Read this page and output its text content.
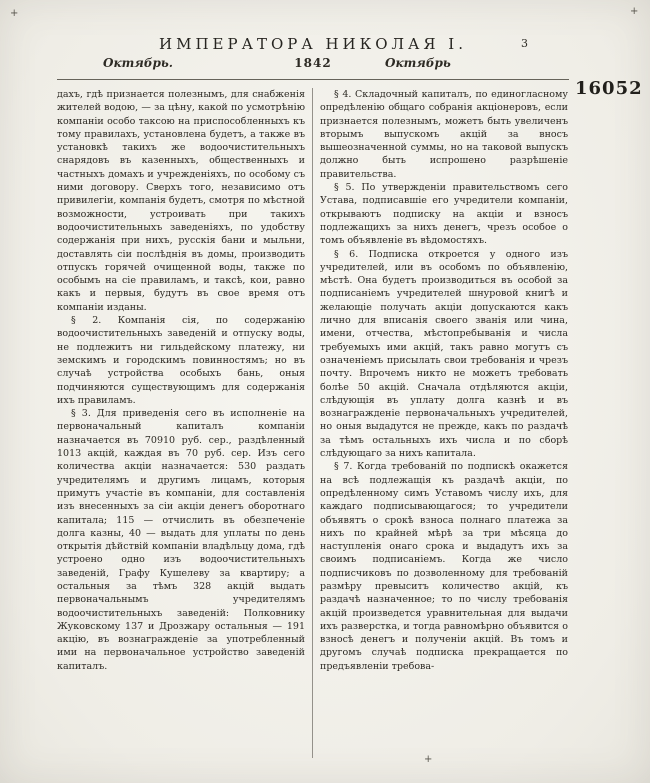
+	+
+
ИМПЕРАТОРА НИКОЛАЯ I.	3
Октябрь.	1842	Октябрь
16052

дахъ, гдѣ признается полезнымъ, для снабженія жителей водою, — за цѣну, какой по усмотрѣнію компаніи особо таксою на приспособленныхъ къ тому правилахъ, установлена будетъ, а также въ установкѣ такихъ же водоочистительныхъ снарядовъ въ казенныхъ, общественныхъ и частныхъ домахъ и учрежденіяхъ, по особому съ ними договору. Сверхъ того, независимо отъ привилегіи, компанія будетъ, смотря по мѣстной возможности, устроивать при такихъ водоочистительныхъ заведеніяхъ, по удобству содержанія при нихъ, русскія бани и мыльни, доставлять сіи послѣднія въ домы, производить отпускъ горячей очищенной воды, также по особымъ на сіе правиламъ, и таксѣ, кои, равно какъ и первыя, будутъ въ свое время отъ компаніи изданы.

§ 2. Компанія сія, по содержанію водоочистительныхъ заведеній и отпуску воды, не подлежитъ ни гильдейскому платежу, ни земскимъ и городскимъ повинностямъ; но въ случаѣ устройства особыхъ бань, оныя подчиняются существующимъ для содержанія ихъ правиламъ.

§ 3. Для приведенія сего въ исполненіе на первоначальный капиталъ компаніи назначается въ 70910 руб. сер., раздѣленный 1013 акцій, каждая въ 70 руб. сер. Изъ сего количества акціи назначается: 530 раздать учредителямъ и другимъ лицамъ, которыя примутъ участіе въ компаніи, для составленія изъ внесенныхъ за сіи акціи денегъ оборотнаго капитала; 115 — отчислить въ обезпеченіе долга казны, 40 — выдать для уплаты по день открытія дѣйствій компаніи владѣльцу дома, гдѣ устроено одно изъ водоочистительныхъ заведеній, Графу Кушелеву за квартиру; а остальныя за тѣмъ 328 акцій выдать первоначальнымъ учредителямъ водоочистительныхъ заведеній: Полковнику Жуковскому 137 и Дрозжару остальныя — 191 акцію, въ вознагражденіе за употребленный ими на первоначальное устройство заведеній капиталъ.

§ 4. Складочный капиталъ, по единогласному опредѣленію общаго собранія акціонеровъ, если признается полезнымъ, можетъ быть увеличенъ вторымъ выпускомъ акцій за вносъ вышеозначенной суммы, но на таковой выпускъ должно быть испрошено разрѣшеніе правительства.

§ 5. По утвержденіи правительствомъ сего Устава, подписавшіе его учредители компаніи, открываютъ подписку на акціи и взносъ подлежащихъ за нихъ денегъ, чрезъ особое о томъ объявленіе въ вѣдомостяхъ.

§ 6. Подписка откроется у одного изъ учредителей, или въ особомъ по объявленію, мѣстѣ. Она будетъ производиться въ особой за подписаніемъ учредителей шнуровой книгѣ и желающіе получать акціи допускаются какъ лично для вписанія своего званія или чина, имени, отчества, мѣстопребыванія и числа требуемыхъ ими акцій, такъ равно могутъ съ означеніемъ присылать свои требованія и чрезъ почту. Впрочемъ никто не можетъ требовать болѣе 50 акцій. Сначала отдѣляются акціи, слѣдующія въ уплату долга казнѣ и въ вознагражденіе первоначальныхъ учредителей, но оныя выдадутся не прежде, какъ по раздачѣ за тѣмъ остальныхъ ихъ числа и по сборѣ слѣдующаго за нихъ капитала.

§ 7. Когда требованій по подпискѣ окажется на всѣ подлежащія къ раздачѣ акціи, по опредѣленному симъ Уставомъ числу ихъ, для каждаго подписывающагося; то учредители объявятъ о срокѣ взноса полнаго платежа за нихъ по крайней мѣрѣ за три мѣсяца до наступленія онаго срока и выдадутъ ихъ за своимъ подписаніемъ. Когда же число подписчиковъ по дозволенному для требованій размѣру превыситъ количество акцій, къ раздачѣ назначенное; то по числу требованія акцій произведется уравнительная для выдачи ихъ разверстка, и тогда равномѣрно объявится о взносѣ денегъ и полученіи акцій. Въ томъ и другомъ случаѣ подписка прекращается по предъявленіи требова-
